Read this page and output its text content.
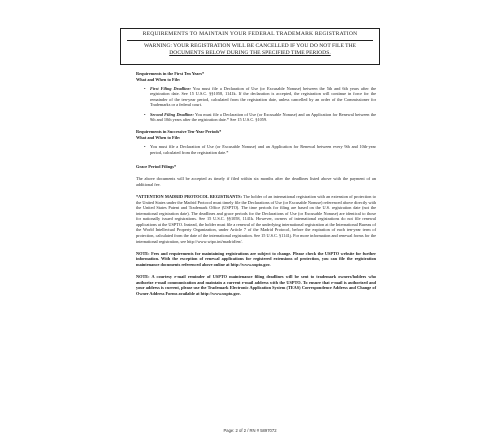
REQUIREMENTS TO MAINTAIN YOUR FEDERAL TRADEMARK REGISTRATION
WARNING: YOUR REGISTRATION WILL BE CANCELLED IF YOU DO NOT FILE THE
DOCUMENTS BELOW DURING THE SPECIFIED TIME PERIODS.

Requirements in the First Ten Years*

What and When to File:

•	First Filing Deadline: You must file a Declaration of Use (or Excusable Nonuse) between the 5th and 6th years after the registration date. See 15 U.S.C. §§1058, 1141k. If the declaration is accepted, the registration will continue in force for the remainder of the ten-year period, calculated from the registration date, unless cancelled by an order of the Commissioner for Trademarks or a federal court.
•	Second Filing Deadline: You must file a Declaration of Use (or Excusable Nonuse) and an Application for Renewal between the 9th and 10th years after the registration date.* See 15 U.S.C. §1059.

Requirements in Successive Ten-Year Periods*

What and When to File:

•	You must file a Declaration of Use (or Excusable Nonuse) and an Application for Renewal between every 9th and 10th-year period, calculated from the registration date.*

Grace Period Filings*

The above documents will be accepted as timely if filed within six months after the deadlines listed above with the payment of an additional fee.

*ATTENTION MADRID PROTOCOL REGISTRANTS: The holder of an international registration with an extension of protection to the United States under the Madrid Protocol must timely file the Declarations of Use (or Excusable Nonuse) referenced above directly with the United States Patent and Trademark Office (USPTO). The time periods for filing are based on the U.S. registration date (not the international registration date). The deadlines and grace periods for the Declarations of Use (or Excusable Nonuse) are identical to those for nationally issued registrations. See 15 U.S.C. §§1058, 1141k. However, owners of international registrations do not file renewal applications at the USPTO. Instead, the holder must file a renewal of the underlying international registration at the International Bureau of the World Intellectual Property Organization, under Article 7 of the Madrid Protocol, before the expiration of each ten-year term of protection, calculated from the date of the international registration. See 15 U.S.C. §1141j. For more information and renewal forms for the international registration, see http://www.wipo.int/madrid/en/.

NOTE: Fees and requirements for maintaining registrations are subject to change. Please check the USPTO website for further information. With the exception of renewal applications for registered extensions of protection, you can file the registration maintenance documents referenced above online at http://www.uspto.gov.

NOTE: A courtesy e-mail reminder of USPTO maintenance filing deadlines will be sent to trademark owners/holders who authorize e-mail communication and maintain a current e-mail address with the USPTO. To ensure that e-mail is authorized and your address is current, please use the Trademark Electronic Application System (TEAS) Correspondence Address and Change of Owner Address Forms available at http://www.uspto.gov.

Page: 2 of 2 / RN # 5897072
